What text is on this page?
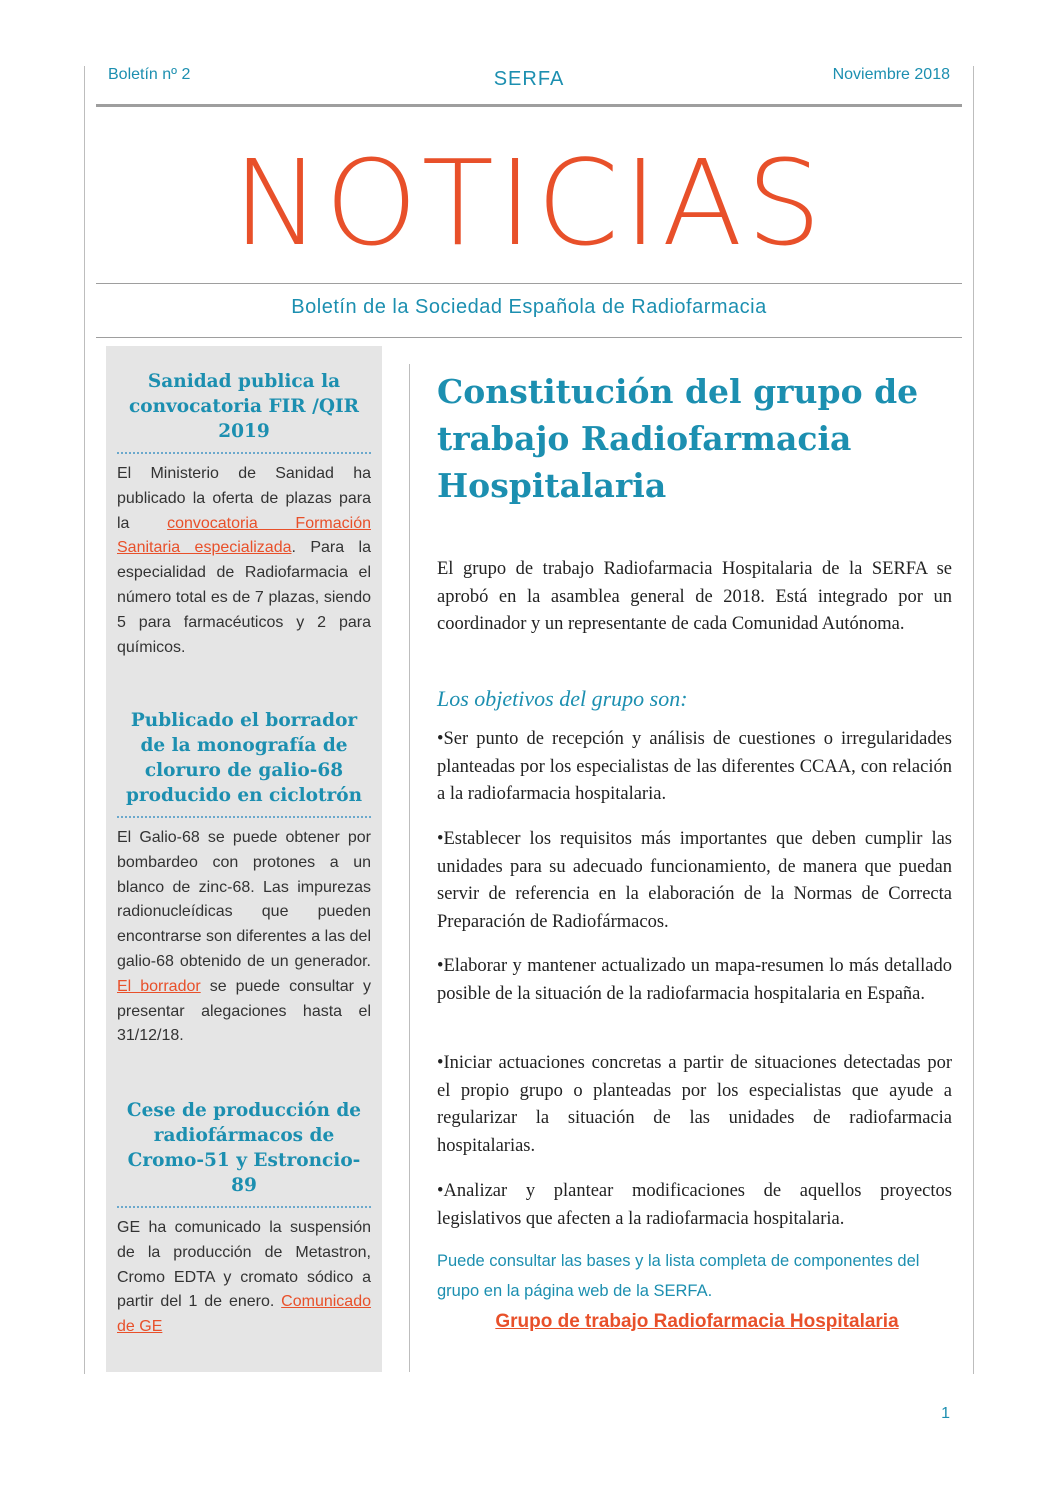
Boletín nº 2	SERFA	Noviembre 2018
NOTICIAS
Boletín de la Sociedad Española de Radiofarmacia

Sanidad publica la convocatoria FIR /QIR 2019

El Ministerio de Sanidad ha publicado la oferta de plazas para la convocatoria Formación Sanitaria especializada. Para la especialidad de Radiofarmacia el número total es de 7 plazas, siendo 5 para farmacéuticos y 2 para químicos.

Publicado el borrador de la monografía de cloruro de galio-68 producido en ciclotrón

El Galio-68 se puede obtener por bombardeo con protones a un blanco de zinc-68. Las impurezas radionucleídicas que pueden encontrarse son diferentes a las del galio-68 obtenido de un generador. El borrador se puede consultar y presentar alegaciones hasta el 31/12/18.

Cese de producción de radiofármacos de Cromo-51 y Estroncio-89

GE ha comunicado la suspensión de la producción de Metastron, Cromo EDTA y cromato sódico a partir del 1 de enero. Comunicado de GE

Constitución del grupo de trabajo Radiofarmacia Hospitalaria

El grupo de trabajo Radiofarmacia Hospitalaria de la SERFA se aprobó en la asamblea general de 2018. Está integrado por un coordinador y un representante de cada Comunidad Autónoma.

Los objetivos del grupo son:

•Ser punto de recepción y análisis de cuestiones o irregularidades planteadas por los especialistas de las diferentes CCAA, con relación a la radiofarmacia hospitalaria.

•Establecer los requisitos más importantes que deben cumplir las unidades para su adecuado funcionamiento, de manera que puedan servir de referencia en la elaboración de la Normas de Correcta Preparación de Radiofármacos.

•Elaborar y mantener actualizado un mapa-resumen lo más detallado posible de la situación de la radiofarmacia hospitalaria en España.

•Iniciar actuaciones concretas a partir de situaciones detectadas por el propio grupo o planteadas por los especialistas que ayude a regularizar la situación de las unidades de radiofarmacia hospitalarias.

•Analizar y plantear modificaciones de aquellos proyectos legislativos que afecten a la radiofarmacia hospitalaria.

Puede consultar las bases y la lista completa de componentes del grupo en la página web de la SERFA.

Grupo de trabajo Radiofarmacia Hospitalaria
1
